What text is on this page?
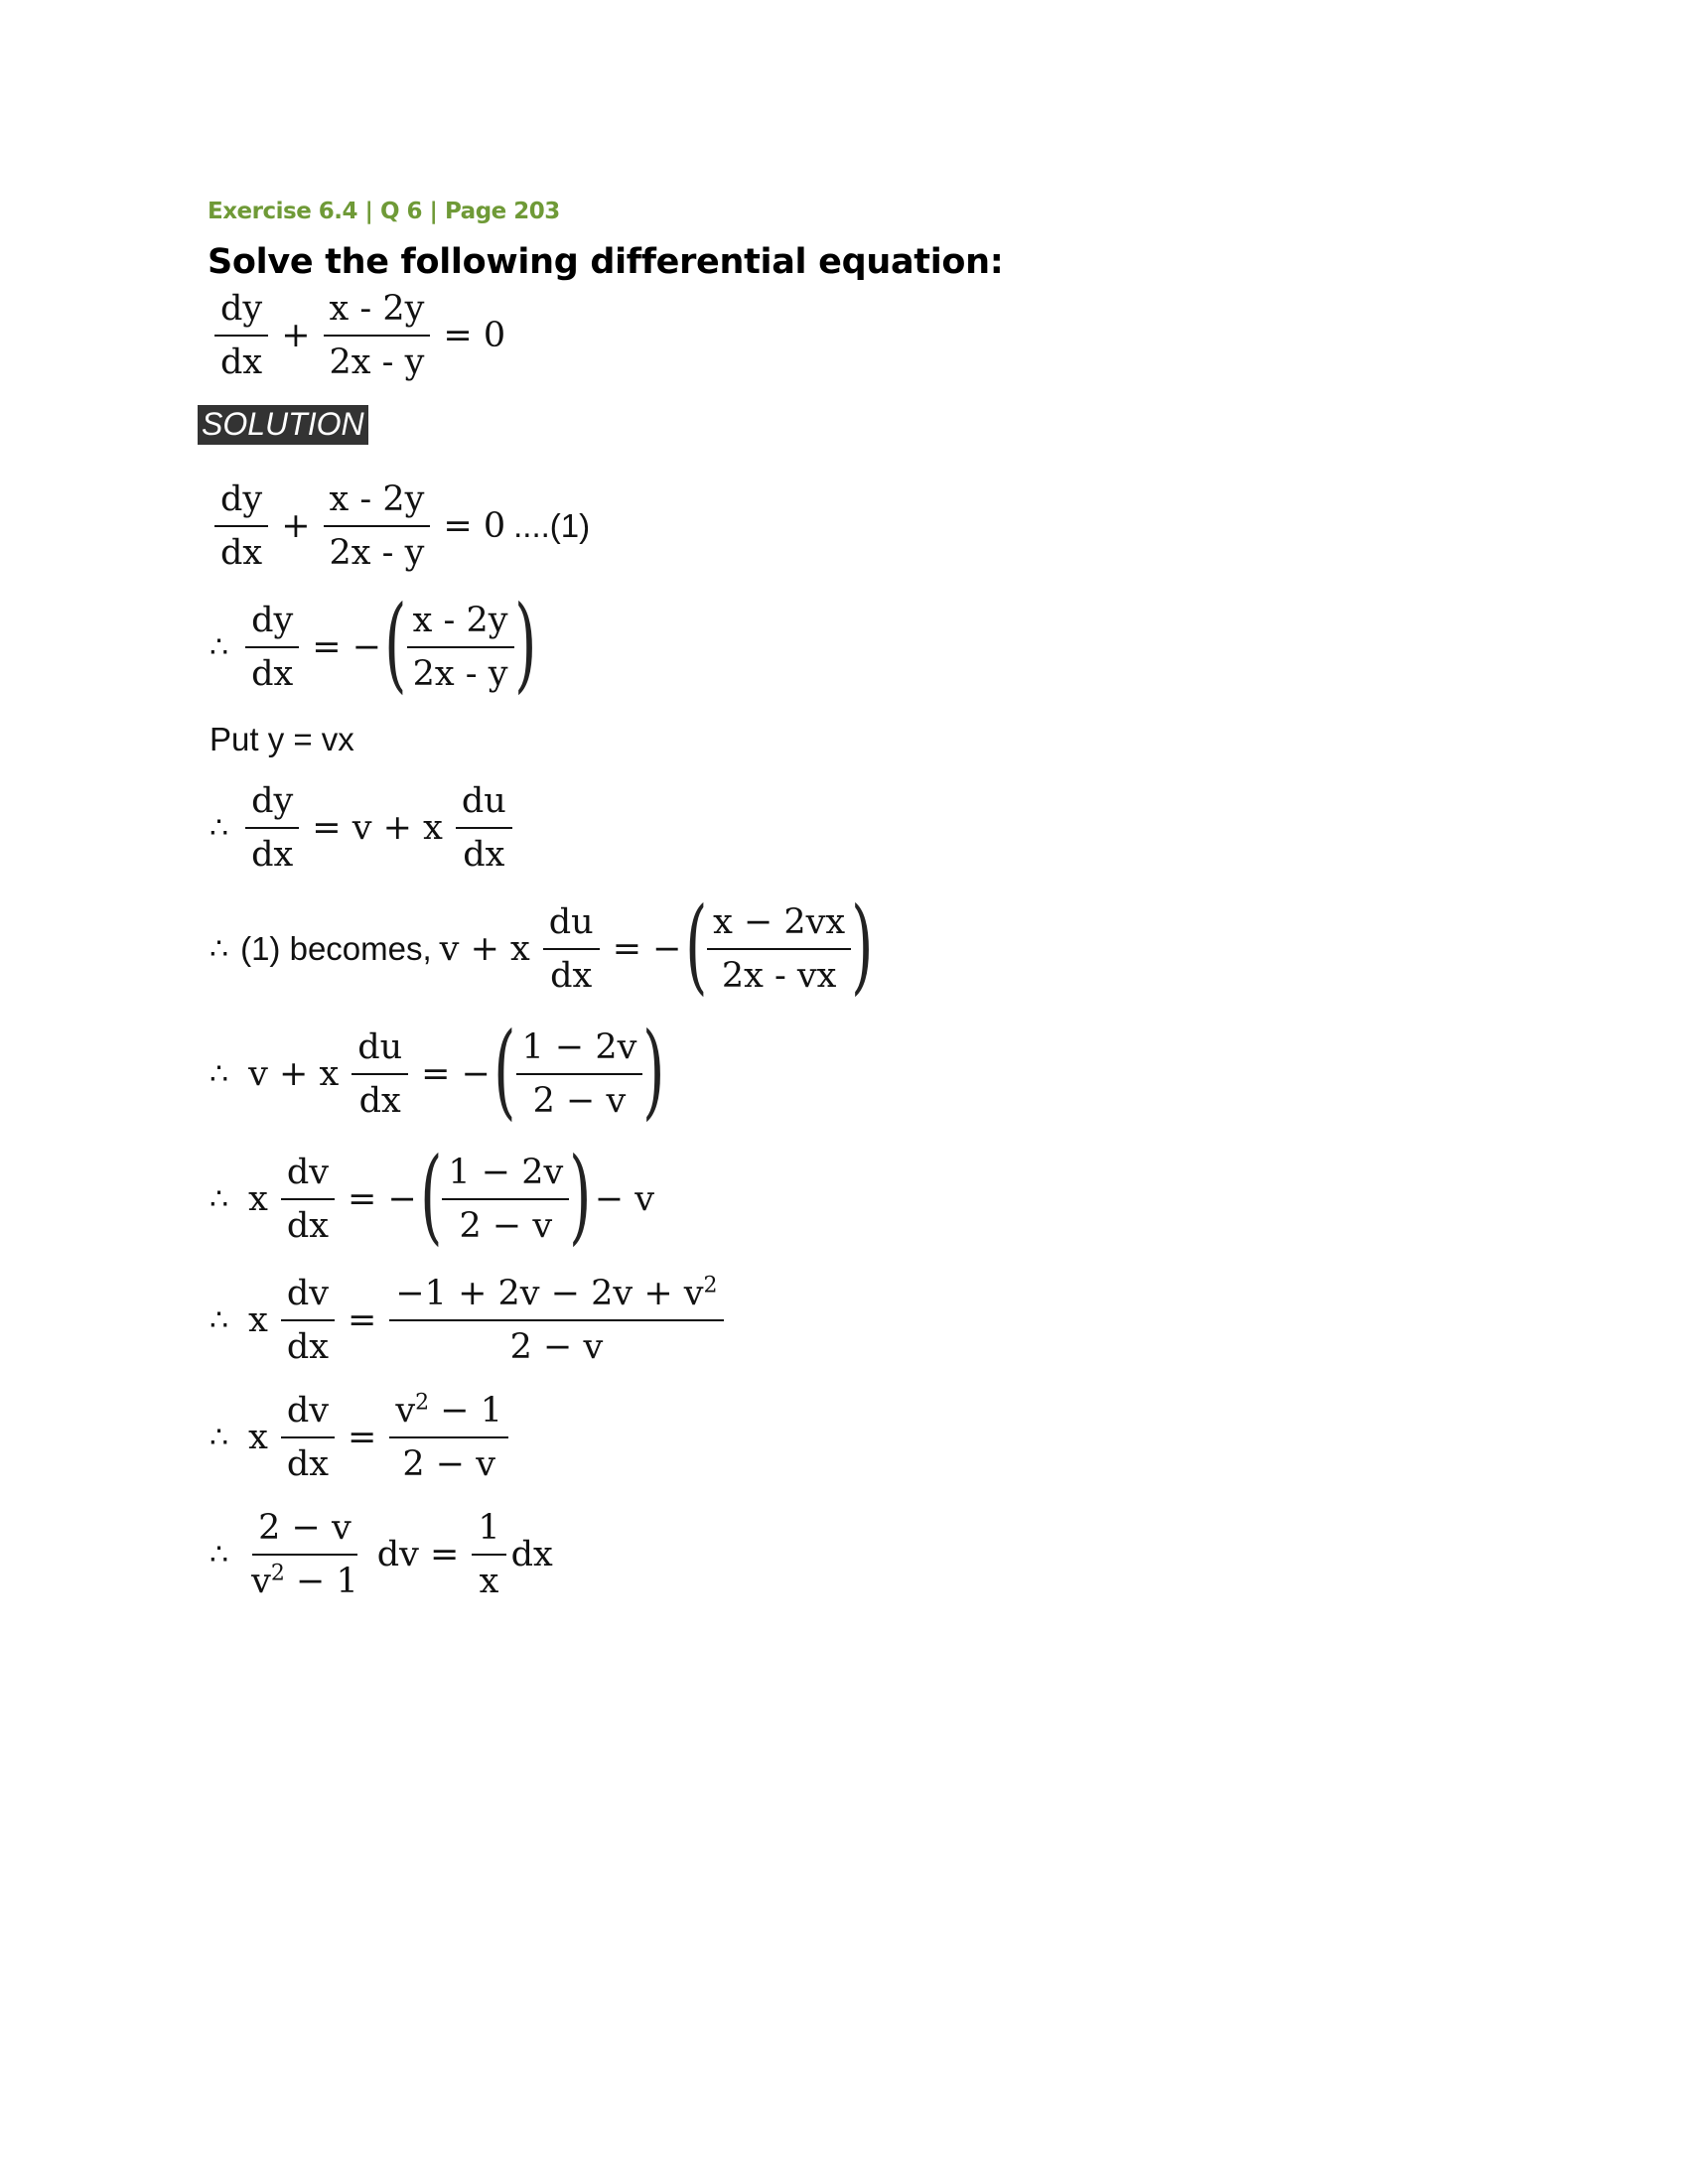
Exercise 6.4 | Q 6 | Page 203
Solve the following differential equation:
$\frac{dy}{dx} + \frac{x - 2y}{2x - y} = 0$
SOLUTION
$\frac{dy}{dx} + \frac{x - 2y}{2x - y} = 0$ ....(1)
∴ $\frac{dy}{dx}$ = − ( $\frac{x - 2y}{2x - y}$ )
Put y = vx
∴ $\frac{dy}{dx} = v + x \frac{du}{dx}$
∴ (1) becomes, v + x $\frac{du}{dx}$ = − ( $\frac{x - 2vx}{2x - vx}$ )
∴ v + x $\frac{du}{dx}$ = − ( $\frac{1 - 2v}{2 - v}$ )
∴ x $\frac{dv}{dx}$ = − ( $\frac{1 - 2v}{2 - v}$ ) − v
∴ x $\frac{dv}{dx} = \frac{-1 + 2v - 2v + v^2}{2 - v}$
∴ x $\frac{dv}{dx} = \frac{v^2 - 1}{2 - v}$
∴ $\frac{2 - v}{v^2 - 1}$ dv = $\frac{1}{x}$ dx
